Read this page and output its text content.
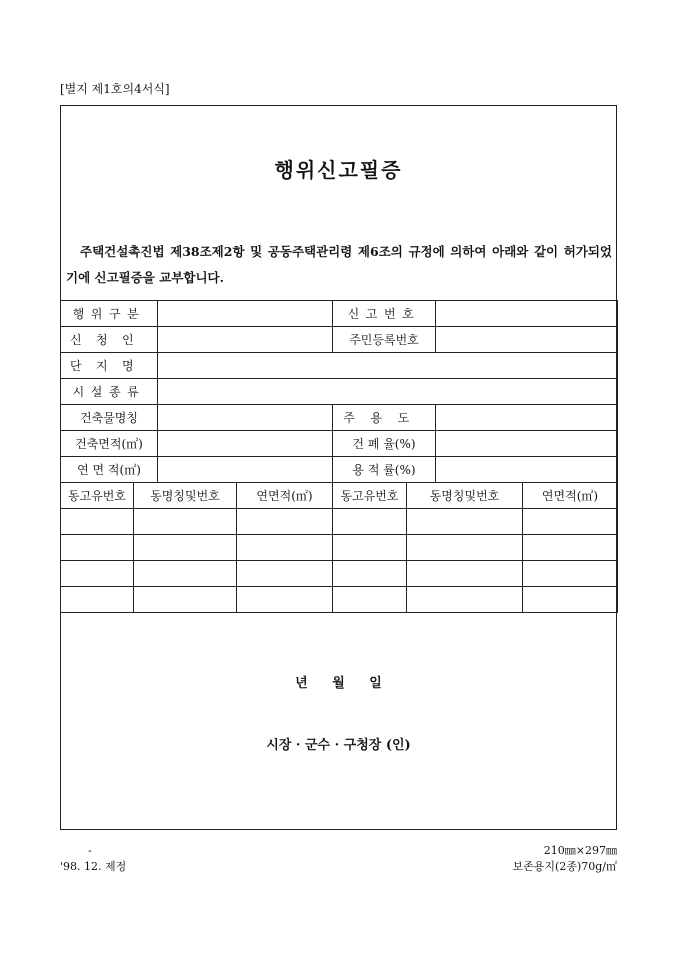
[별지 제1호의4서식]
행위신고필증
주택건설촉진법 제38조제2항 및 공동주택관리령 제6조의 규정에 의하여 아래와 같이 허가되었기에 신고필증을 교부합니다.
행위구분		신고번호	
신청인		주민등록번호	
단지명			
시설종류			
건축물명칭		주용도	
건축면적(㎡)		건 폐 율(%)	
연 면 적(㎡)		용 적 률(%)	
동고유번호	동명칭및번호	연면적(㎡)	동고유번호	동명칭및번호	연면적(㎡)

년 월 일
시장 · 군수 · 구청장 (인)
-
'98. 12. 제정
210㎜×297㎜
보존용지(2종)70g/㎡
